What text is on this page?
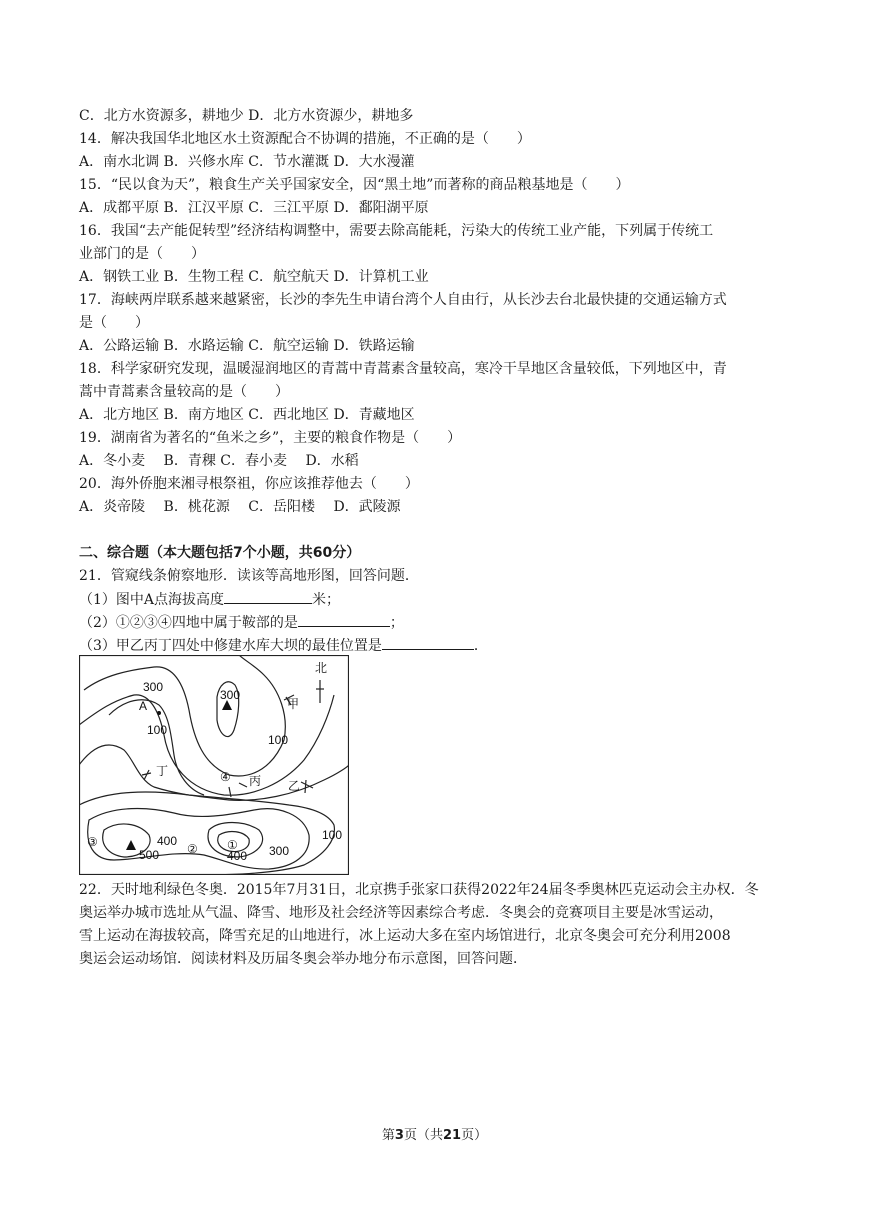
C．北方水资源多，耕地少 D．北方水资源少，耕地多
14．解决我国华北地区水土资源配合不协调的措施，不正确的是（　　）
A．南水北调 B．兴修水库 C．节水灌溉 D．大水漫灌
15．“民以食为天”，粮食生产关乎国家安全，因“黑土地”而著称的商品粮基地是（　　）
A．成都平原 B．江汉平原 C．三江平原 D．鄱阳湖平原
16．我国“去产能促转型”经济结构调整中，需要去除高能耗，污染大的传统工业产能，下列属于传统工
业部门的是（　　）
A．钢铁工业 B．生物工程 C．航空航天 D．计算机工业
17．海峡两岸联系越来越紧密，长沙的李先生申请台湾个人自由行，从长沙去台北最快捷的交通运输方式
是（　　）
A．公路运输 B．水路运输 C．航空运输 D．铁路运输
18．科学家研究发现，温暖湿润地区的青蒿中青蒿素含量较高，寒冷干旱地区含量较低，下列地区中，青
蒿中青蒿素含量较高的是（　　）
A．北方地区 B．南方地区 C．西北地区 D．青藏地区
19．湖南省为著名的“鱼米之乡”，主要的粮食作物是（　　）
A．冬小麦　 B．青稞 C．春小麦　 D．水稻
20．海外侨胞来湘寻根祭祖，你应该推荐他去（　　）
A．炎帝陵　 B．桃花源　 C．岳阳楼　 D．武陵源
二、综合题（本大题包括7个小题，共60分）
21．管窥线条俯察地形．读该等高地形图，回答问题．
（1）图中A点海拔高度	米；
（2）①②③④四地中属于鞍部的是	；
（3）甲乙丙丁四处中修建水库大坝的最佳位置是	．
北
300
300
A
100
100
甲
乙
丙
丁	④
③	② ①
400
400
500	300
100
22．天时地利绿色冬奥．2015年7月31日，北京携手张家口获得2022年24届冬季奥林匹克运动会主办权．冬
奥运举办城市选址从气温、降雪、地形及社会经济等因素综合考虑．冬奥会的竞赛项目主要是冰雪运动，
雪上运动在海拔较高，降雪充足的山地进行，冰上运动大多在室内场馆进行，北京冬奥会可充分利用2008
奥运会运动场馆．阅读材料及历届冬奥会举办地分布示意图，回答问题．
第3页（共21页）
